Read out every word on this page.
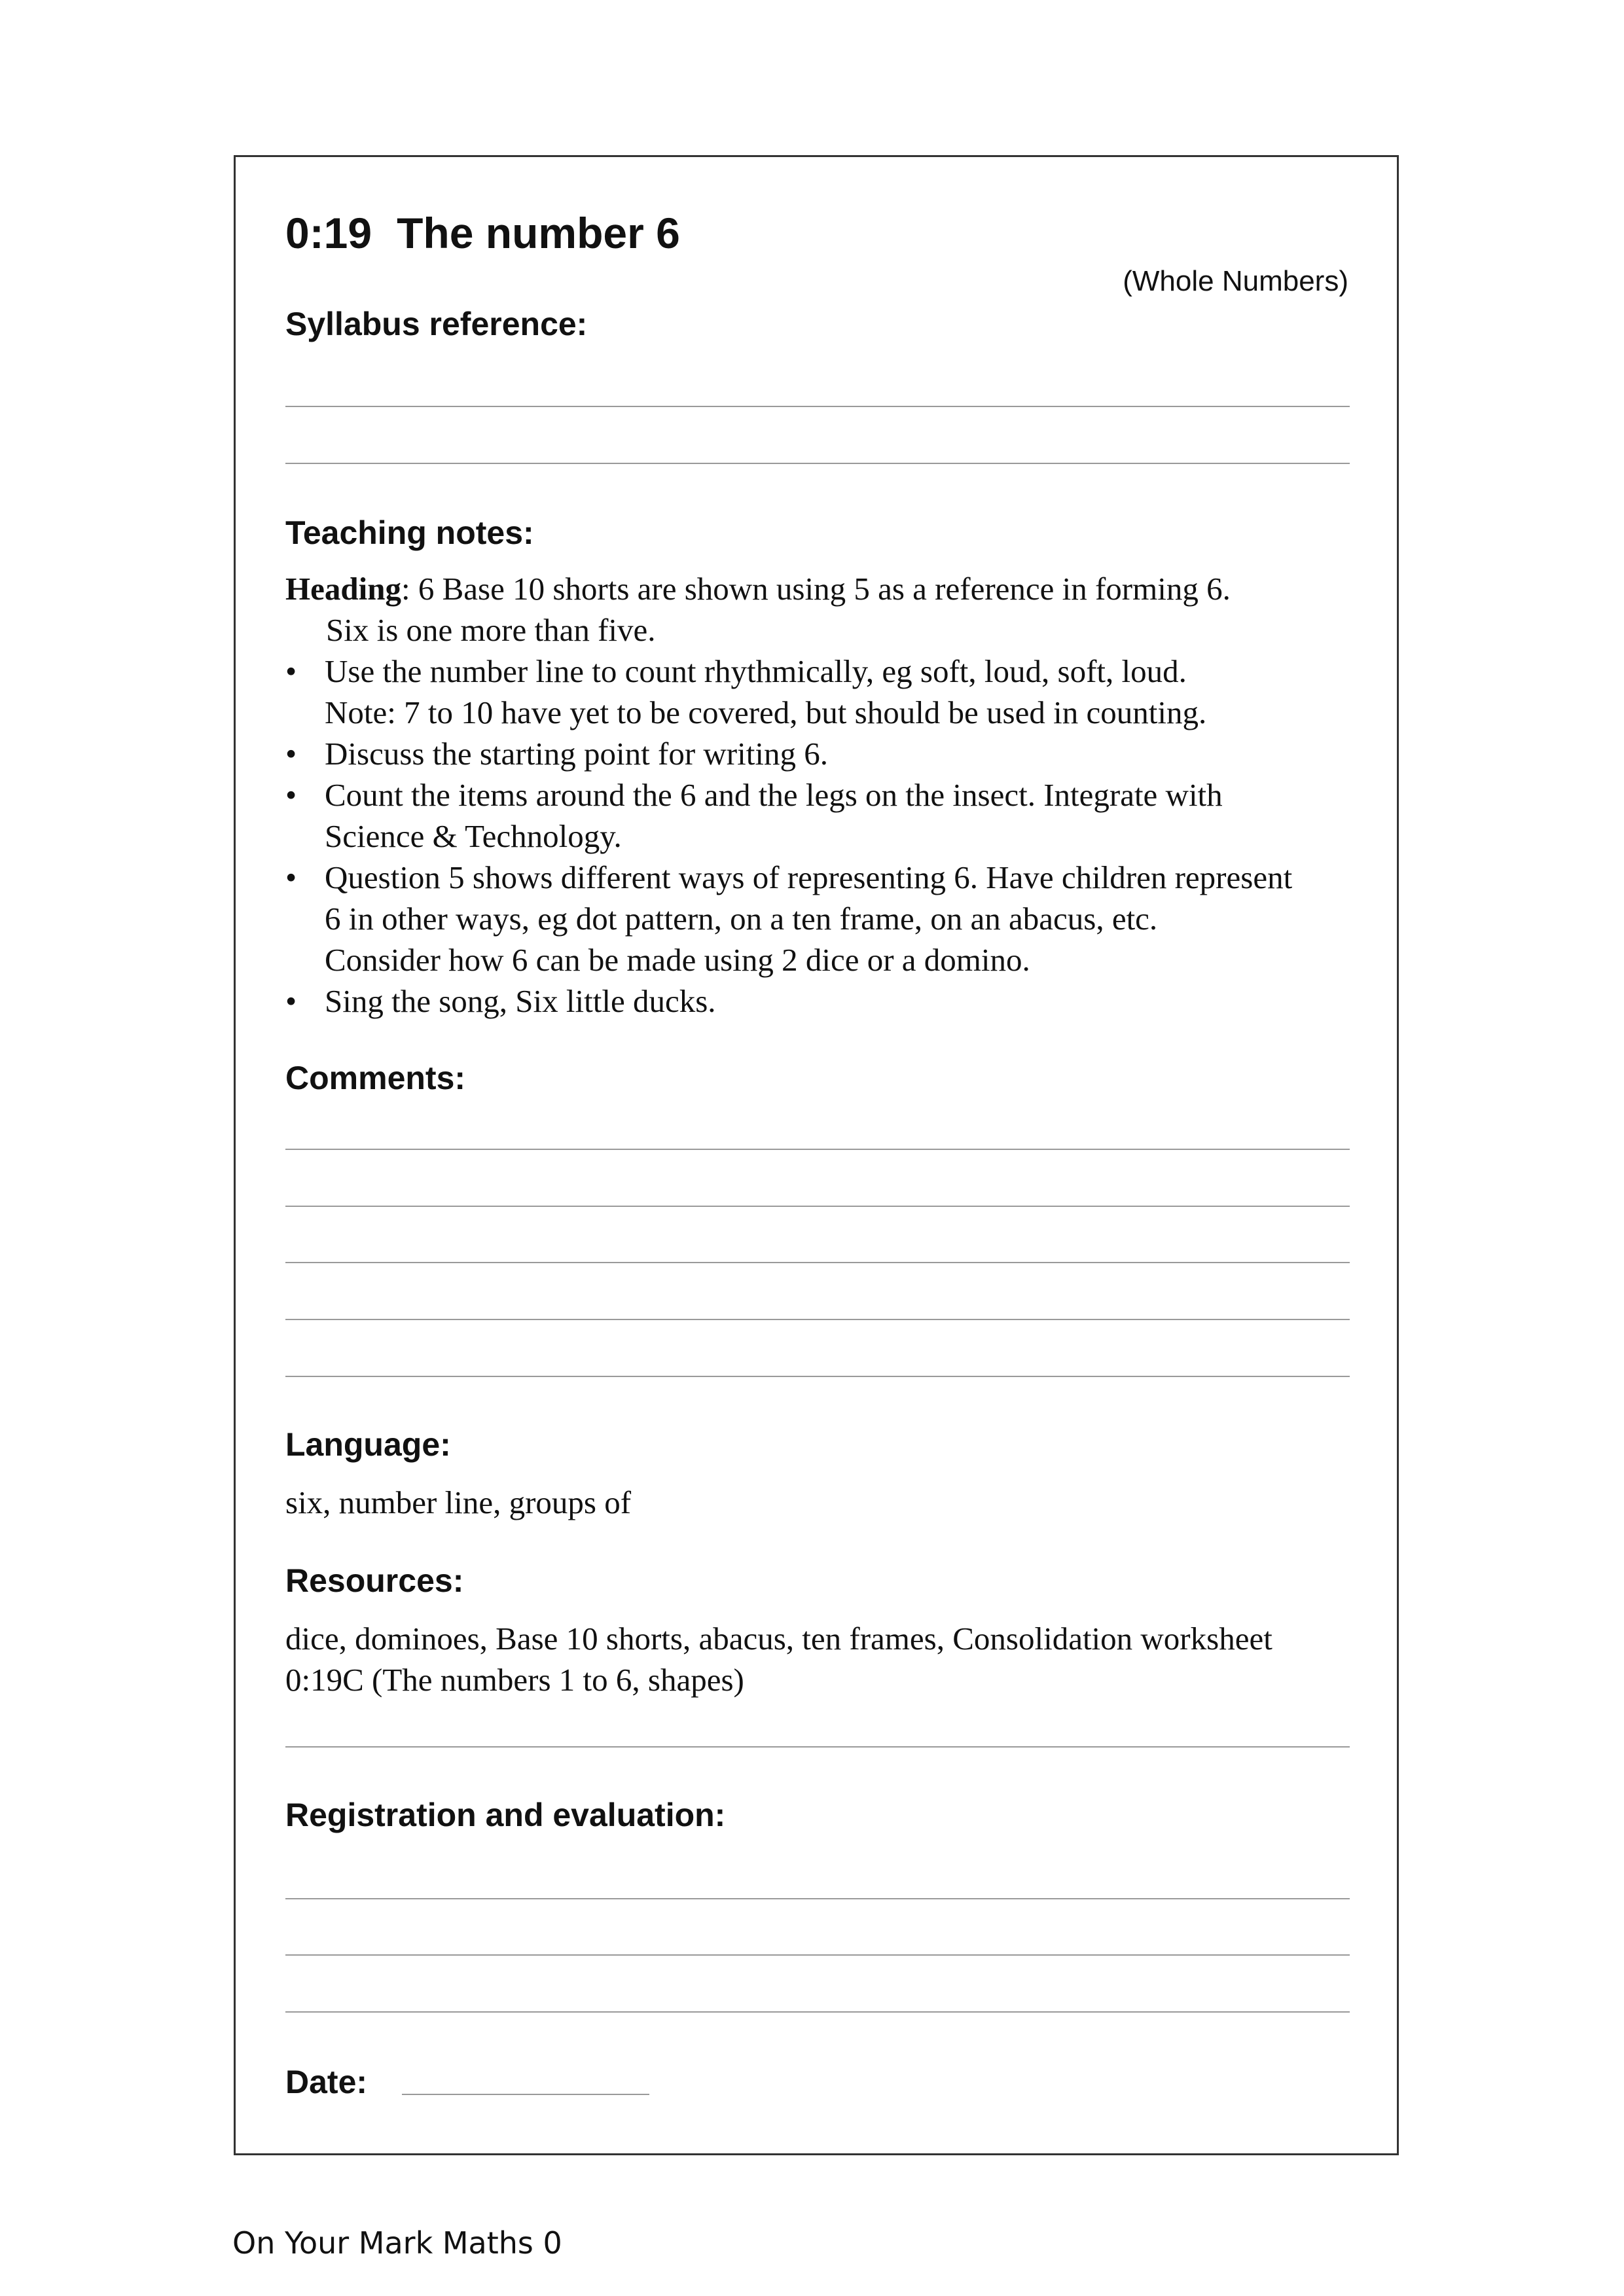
0:19 The number 6
(Whole Numbers)
Syllabus reference:
Teaching notes:
Heading: 6 Base 10 shorts are shown using 5 as a reference in forming 6.
Six is one more than five.
• Use the number line to count rhythmically, eg soft, loud, soft, loud.
Note: 7 to 10 have yet to be covered, but should be used in counting.
• Discuss the starting point for writing 6.
• Count the items around the 6 and the legs on the insect. Integrate with
Science & Technology.
• Question 5 shows different ways of representing 6. Have children represent
6 in other ways, eg dot pattern, on a ten frame, on an abacus, etc.
Consider how 6 can be made using 2 dice or a domino.
• Sing the song, Six little ducks.
Comments:
Language:
six, number line, groups of
Resources:
dice, dominoes, Base 10 shorts, abacus, ten frames, Consolidation worksheet
0:19C (The numbers 1 to 6, shapes)
Registration and evaluation:
Date:
On Your Mark Maths 0
